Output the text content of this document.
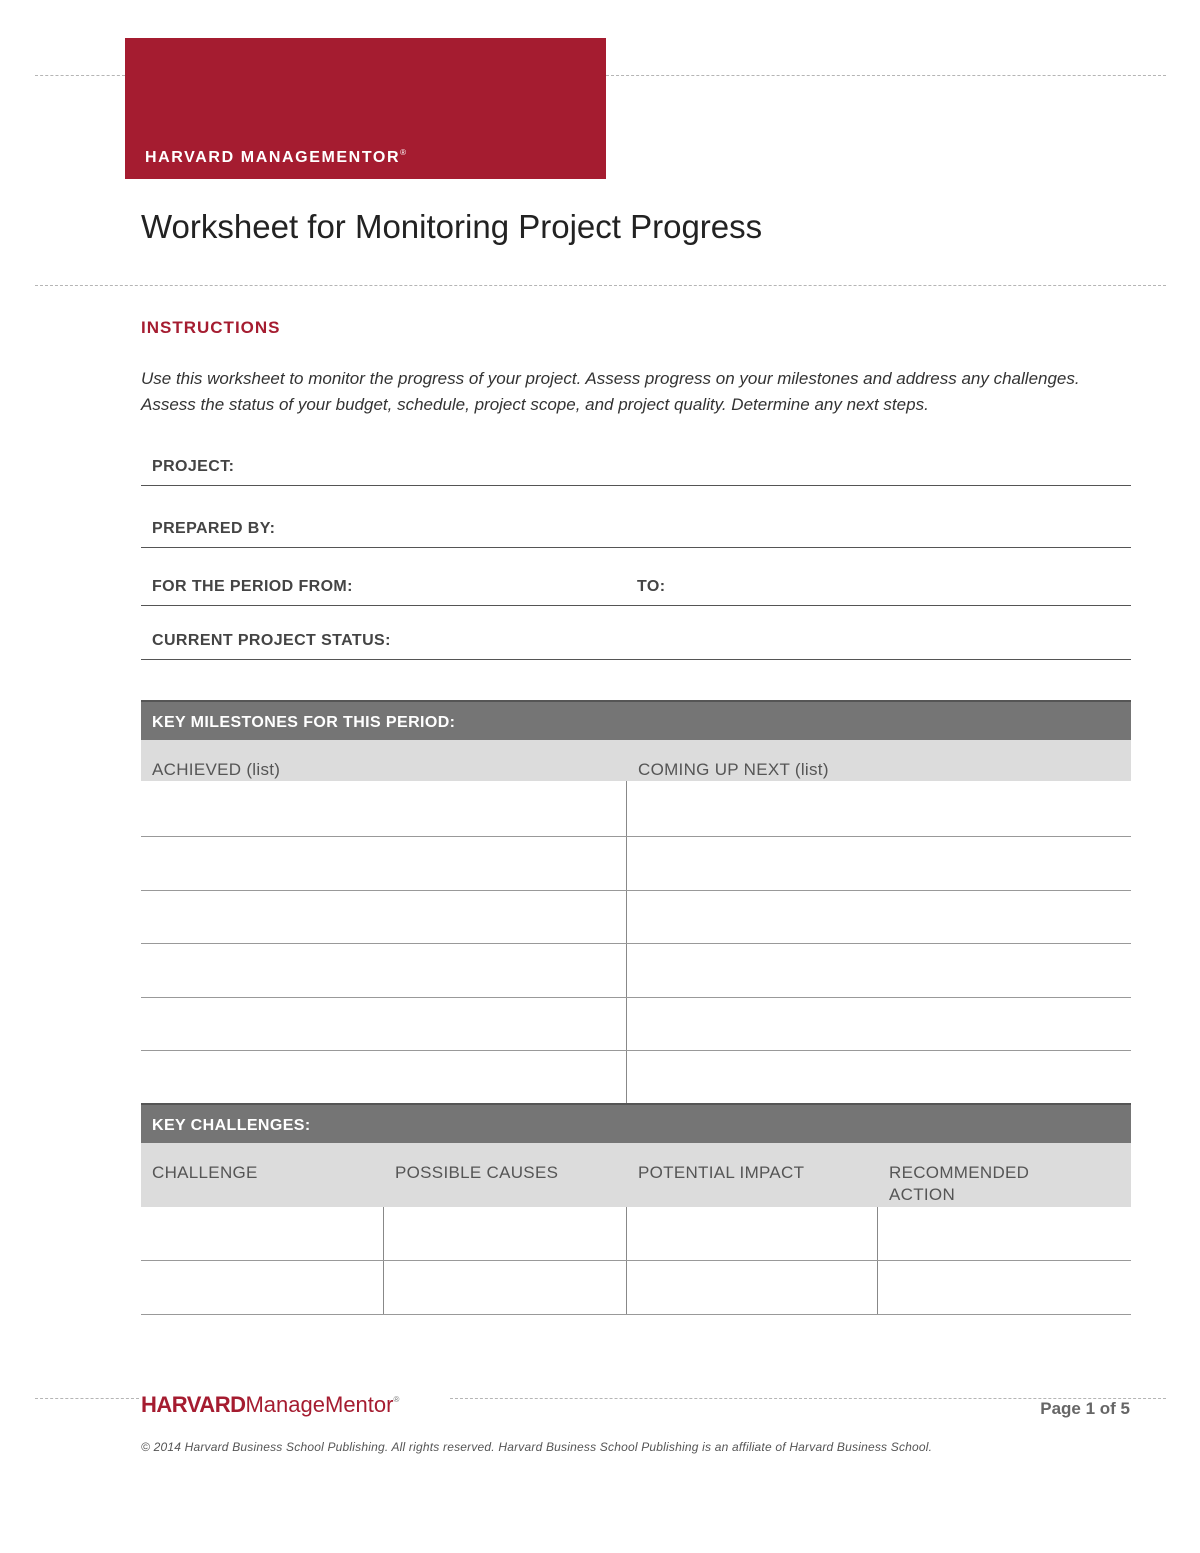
HARVARD MANAGEMENTOR®
Worksheet for Monitoring Project Progress
INSTRUCTIONS
Use this worksheet to monitor the progress of your project. Assess progress on your milestones and address any challenges. Assess the status of your budget, schedule, project scope, and project quality. Determine any next steps.
PROJECT:
PREPARED BY:
FOR THE PERIOD FROM:	TO:
CURRENT PROJECT STATUS:
KEY MILESTONES FOR THIS PERIOD:
ACHIEVED (list)	COMING UP NEXT (list)
KEY CHALLENGES:
CHALLENGE	POSSIBLE CAUSES	POTENTIAL IMPACT	RECOMMENDED ACTION
HARVARDManageMentor®	Page 1 of 5
© 2014 Harvard Business School Publishing. All rights reserved. Harvard Business School Publishing is an affiliate of Harvard Business School.
